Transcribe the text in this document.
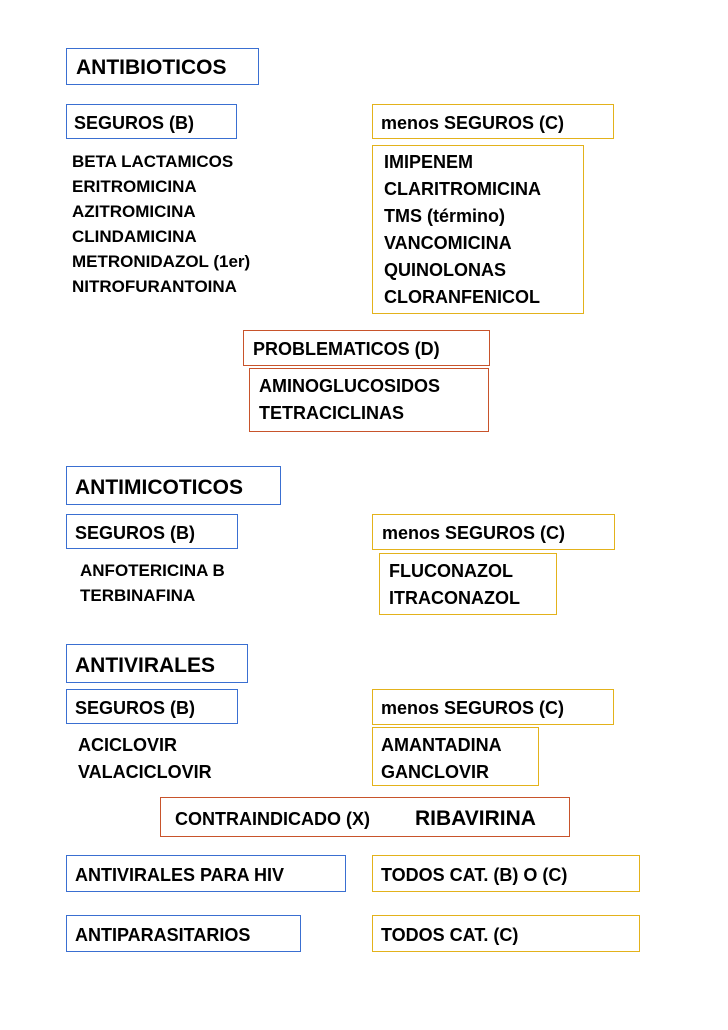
ANTIBIOTICOS
SEGUROS (B)	menos SEGUROS (C)
BETA LACTAMICOS
ERITROMICINA
AZITROMICINA
CLINDAMICINA
METRONIDAZOL (1er)
NITROFURANTOINA
IMIPENEM
CLARITROMICINA
TMS (término)
VANCOMICINA
QUINOLONAS
CLORANFENICOL
PROBLEMATICOS (D)
AMINOGLUCOSIDOS
TETRACICLINAS
ANTIMICOTICOS
SEGUROS (B)	menos SEGUROS (C)
ANFOTERICINA B
TERBINAFINA
FLUCONAZOL
ITRACONAZOL
ANTIVIRALES
SEGUROS (B)	menos SEGUROS (C)
ACICLOVIR
VALACICLOVIR
AMANTADINA
GANCLOVIR
CONTRAINDICADO (X) RIBAVIRINA
ANTIVIRALES PARA HIV	TODOS CAT. (B) O (C)
ANTIPARASITARIOS	TODOS CAT. (C)
